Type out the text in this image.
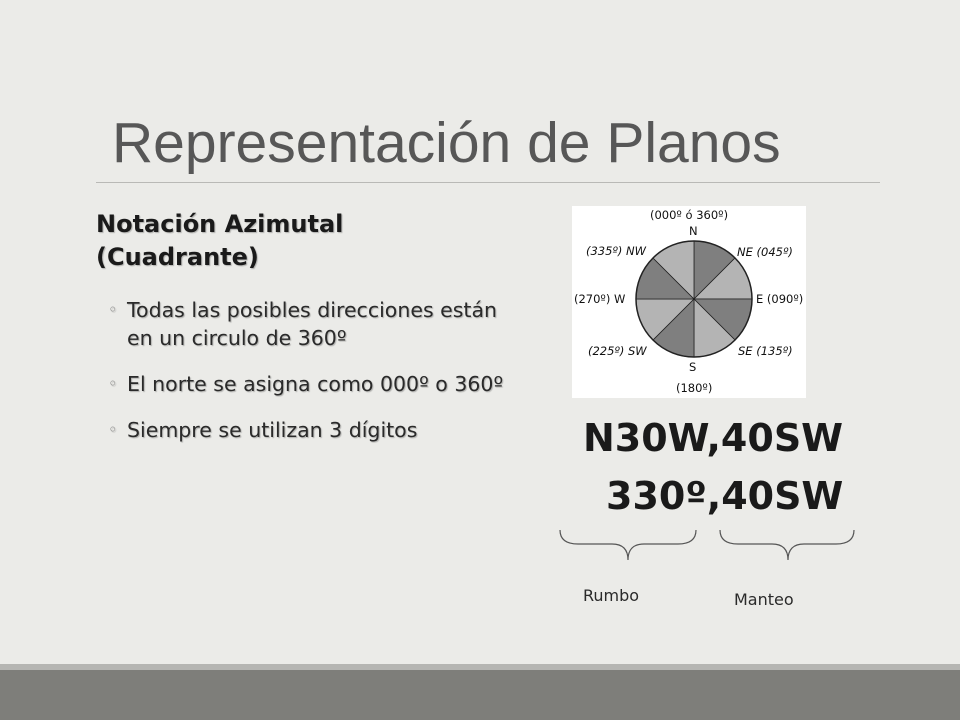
Representación de Planos
Notación Azimutal (Cuadrante)
◦ Todas las posibles direcciones están en un circulo de 360º
◦ El norte se asigna como 000º o 360º
◦ Siempre se utilizan 3 dígitos
(000º ó 360º)
N
NE (045º)
E (090º)
SE (135º)
S
(180º)
(225º) SW
(270º) W
(335º) NW
N30W,40SW
330º,40SW
Rumbo	Manteo
